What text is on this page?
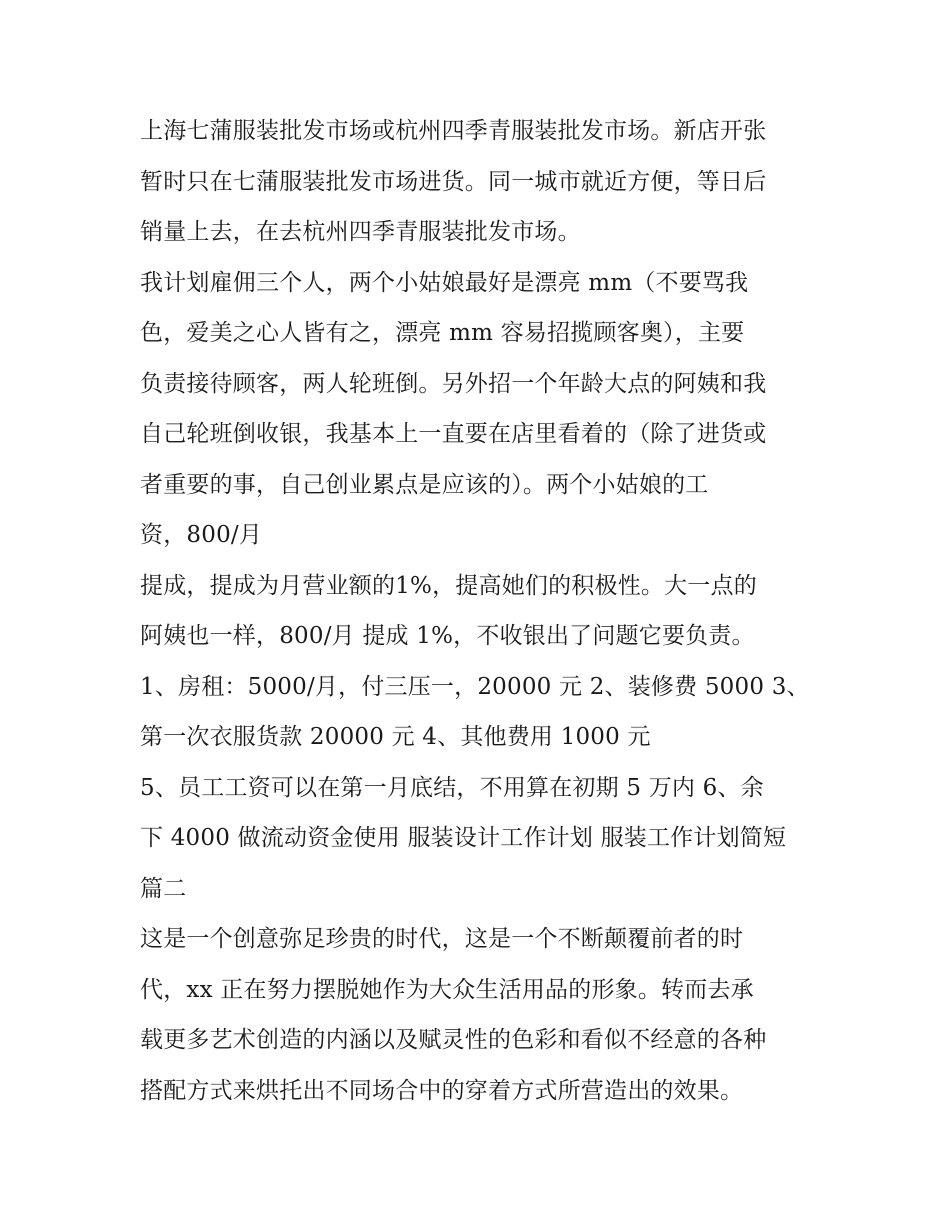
上海七蒲服装批发市场或杭州四季青服装批发市场。新店开张
暂时只在七蒲服装批发市场进货。同一城市就近方便，等日后
销量上去，在去杭州四季青服装批发市场。
我计划雇佣三个人，两个小姑娘最好是漂亮 mm（不要骂我
色，爱美之心人皆有之，漂亮 mm 容易招揽顾客奥），主要
负责接待顾客，两人轮班倒。另外招一个年龄大点的阿姨和我
自己轮班倒收银，我基本上一直要在店里看着的（除了进货或
者重要的事，自己创业累点是应该的）。两个小姑娘的工
资，800/月
提成，提成为月营业额的1%，提高她们的积极性。大一点的
阿姨也一样，800/月 提成 1%，不收银出了问题它要负责。
1、房租：5000/月，付三压一，20000 元 2、装修费 5000 3、
第一次衣服货款 20000 元 4、其他费用 1000 元
5、员工工资可以在第一月底结，不用算在初期 5 万内 6、余
下 4000 做流动资金使用 服装设计工作计划 服装工作计划简短
篇二
这是一个创意弥足珍贵的时代，这是一个不断颠覆前者的时
代，xx 正在努力摆脱她作为大众生活用品的形象。转而去承
载更多艺术创造的内涵以及赋灵性的色彩和看似不经意的各种
搭配方式来烘托出不同场合中的穿着方式所营造出的效果。
